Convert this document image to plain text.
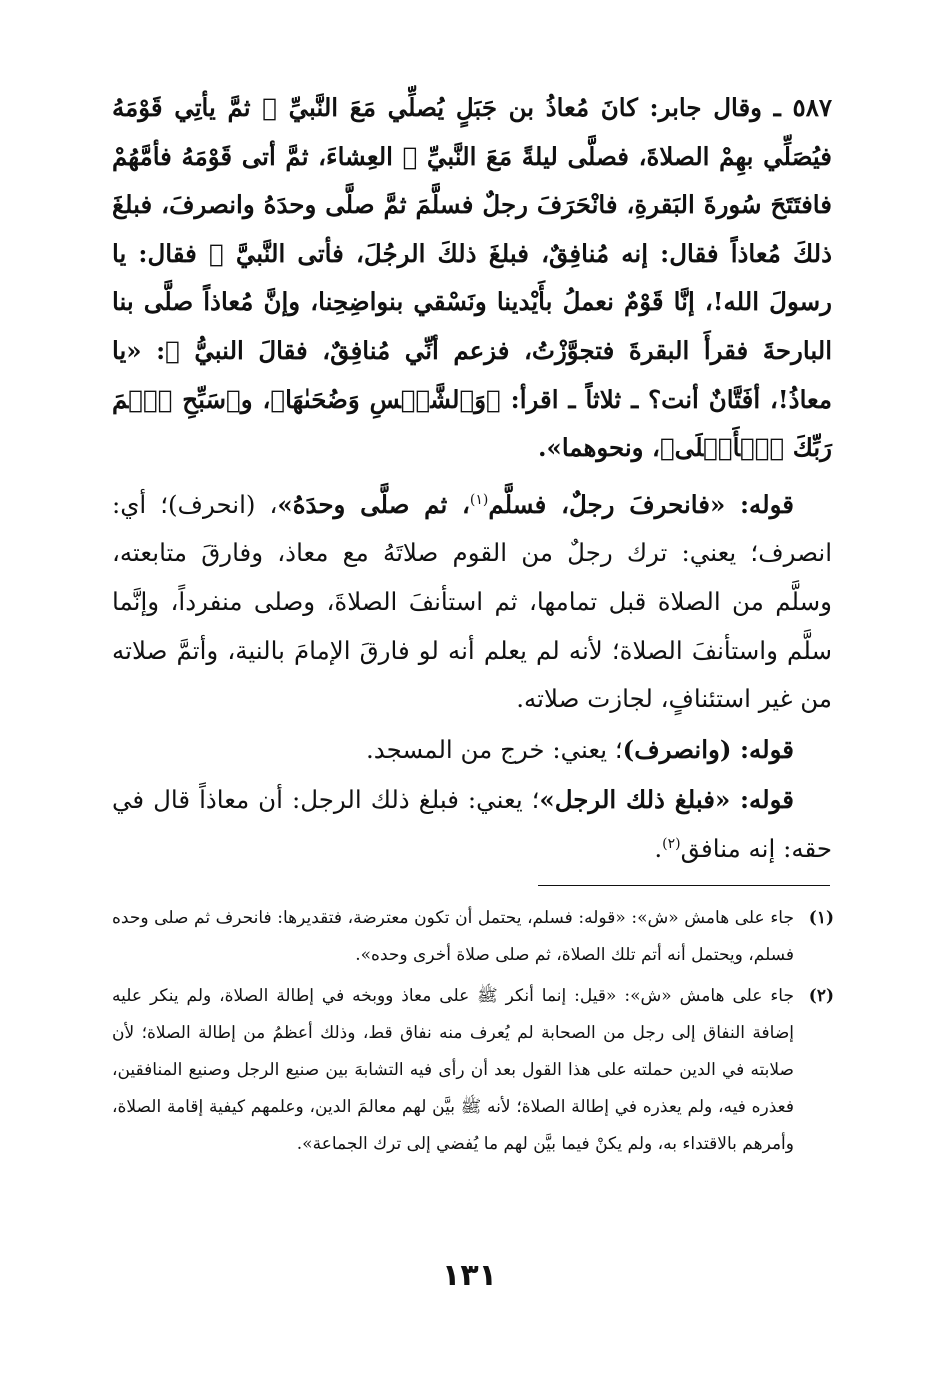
٥٨٧ ـ وقال جابر: كانَ مُعاذُ بن جَبَلٍ يُصلِّي مَعَ النَّبيِّ ﷺ ثمَّ يأتِي قَوْمَهُ فيُصَلِّي بهِمْ الصلاةَ، فصلَّى ليلةً مَعَ النَّبيِّ ﷺ العِشاءَ، ثمَّ أتى قَوْمَهُ فأمَّهُمْ فافتَتَحَ سُورةَ البَقرةِ، فانْحَرَفَ رجلٌ فسلَّمَ ثمَّ صلَّى وحدَهُ وانصرفَ، فبلغَ ذلكَ مُعاذاً فقال: إنه مُنافِقٌ، فبلغَ ذلكَ الرجُلَ، فأتى النَّبيَّ ﷺ فقال: يا رسولَ الله!، إنَّا قَوْمٌ نعملُ بأَيْدينا ونَسْقي بنواضِحِنا، وإنَّ مُعاذاً صلَّى بنا البارحةَ فقرأَ البقرةَ فتجوَّزْتُ، فزعم أنِّي مُنافِقٌ، فقالَ النبيُّ ﷺ: «يا معاذُ!، أفَتَّانٌ أنت؟ ـ ثلاثاً ـ اقرأ: ﴿وَٱلشَّمۡسِ وَضُحَىٰهَا﴾، و﴿سَبِّحِ ٱسۡمَ رَبِّكَ ٱلۡأَعۡلَى﴾، ونحوهما».

قوله: «فانحرفَ رجلٌ، فسلَّم$^{(١)}$، ثم صلَّى وحدَهُ»، (انحرف)؛ أي: انصرف؛ يعني: ترك رجلٌ من القوم صلاتَهُ مع معاذ، وفارقَ متابعته، وسلَّم من الصلاة قبل تمامها، ثم استأنفَ الصلاةَ، وصلى منفرداً، وإنَّما سلَّم واستأنفَ الصلاة؛ لأنه لم يعلم أنه لو فارقَ الإمامَ بالنية، وأتمَّ صلاته من غير استئنافٍ، لجازت صلاته.

قوله: (وانصرف)؛ يعني: خرج من المسجد.

قوله: «فبلغ ذلك الرجل»؛ يعني: فبلغ ذلك الرجل: أن معاذاً قال في حقه: إنه منافق$^{(٢)}$.

(١)

جاء على هامش «ش»: «قوله: فسلم، يحتمل أن تكون معترضة، فتقديرها: فانحرف ثم صلى وحده فسلم، ويحتمل أنه أتم تلك الصلاة، ثم صلى صلاة أخرى وحده».

(٢)

جاء على هامش «ش»: «قيل: إنما أنكر ﷺ على معاذ ووبخه في إطالة الصلاة، ولم ينكر عليه إضافة النفاق إلى رجل من الصحابة لم يُعرف منه نفاق قط، وذلك أعظمُ من إطالة الصلاة؛ لأن صلابته في الدين حملته على هذا القول بعد أن رأى فيه التشابهَ بين صنيع الرجل وصنيع المنافقين، فعذره فيه، ولم يعذره في إطالة الصلاة؛ لأنه ﷺ بيَّن لهم معالمَ الدين، وعلمهم كيفية إقامة الصلاة، وأمرهم بالاقتداء به، ولم يكنْ فيما بيَّن لهم ما يُفضي إلى ترك الجماعة».

١٣١
